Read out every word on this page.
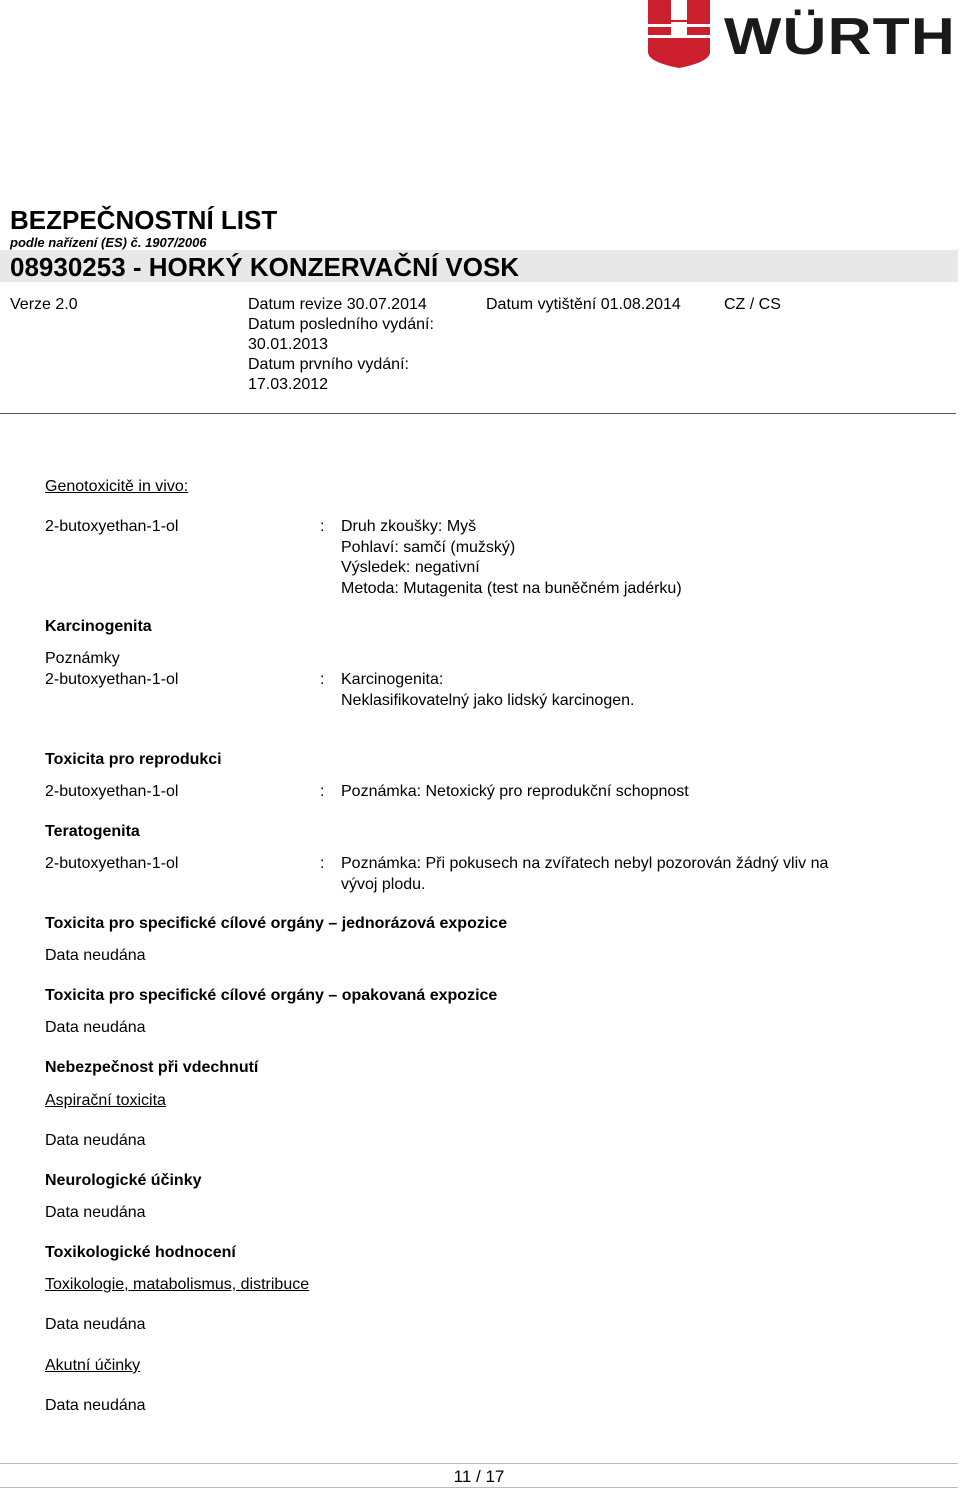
WÜRTH
BEZPEČNOSTNÍ LIST
podle nařízení (ES) č. 1907/2006
08930253 - HORKÝ KONZERVAČNÍ VOSK
Verze 2.0	Datum revize 30.07.2014
Datum posledního vydání:
30.01.2013
Datum prvního vydání:
17.03.2012
Datum vytištění 01.08.2014	CZ / CS
Genotoxicitě in vivo:
2-butoxyethan-1-ol	: Druh zkoušky: Myš
Pohlaví: samčí (mužský)
Výsledek: negativní
Metoda: Mutagenita (test na buněčném jadérku)
Karcinogenita
Poznámky
2-butoxyethan-1-ol	: Karcinogenita:
Neklasifikovatelný jako lidský karcinogen.
Toxicita pro reprodukci
2-butoxyethan-1-ol	: Poznámka: Netoxický pro reprodukční schopnost
Teratogenita
2-butoxyethan-1-ol	: Poznámka: Při pokusech na zvířatech nebyl pozorován žádný vliv na
vývoj plodu.
Toxicita pro specifické cílové orgány – jednorázová expozice
Data neudána
Toxicita pro specifické cílové orgány – opakovaná expozice
Data neudána
Nebezpečnost při vdechnutí
Aspirační toxicita
Data neudána
Neurologické účinky
Data neudána
Toxikologické hodnocení
Toxikologie, matabolismus, distribuce
Data neudána
Akutní účinky
Data neudána
11 / 17
